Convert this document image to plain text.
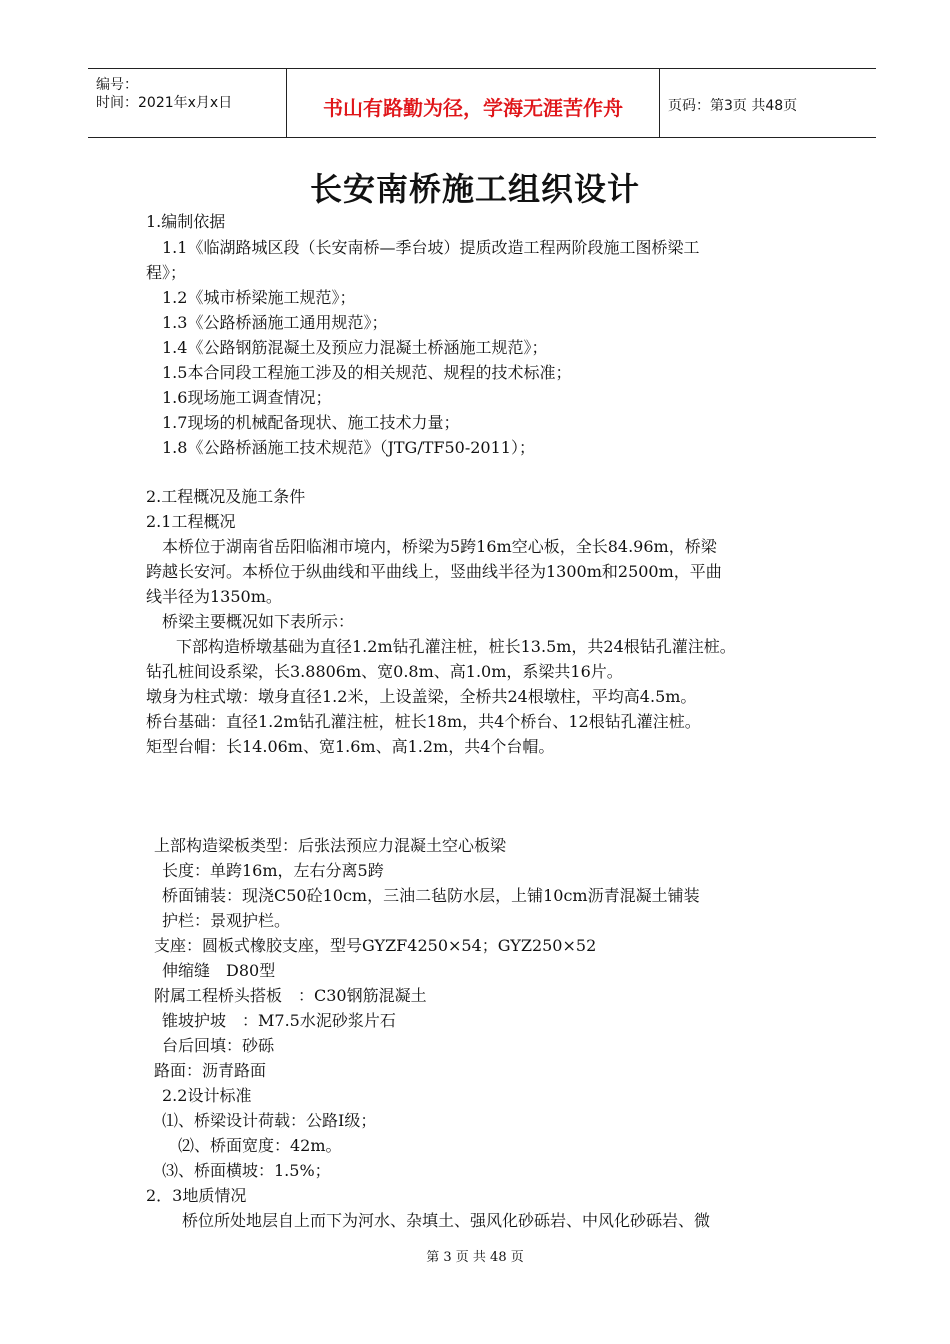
编号：
时间：2021年x月x日	书山有路勤为径，学海无涯苦作舟	页码：第3页 共48页
长安南桥施工组织设计
1.编制依据
1.1《临湖路城区段（长安南桥—季台坡）提质改造工程两阶段施工图桥梁工
程》；
1.2《城市桥梁施工规范》；
1.3《公路桥涵施工通用规范》；
1.4《公路钢筋混凝土及预应力混凝土桥涵施工规范》；
1.5本合同段工程施工涉及的相关规范、规程的技术标准；
1.6现场施工调查情况；
1.7现场的机械配备现状、施工技术力量；
1.8《公路桥涵施工技术规范》（JTG/TF50-2011）；
2.工程概况及施工条件
2.1工程概况
本桥位于湖南省岳阳临湘市境内，桥梁为5跨16m空心板，全长84.96m，桥梁
跨越长安河。本桥位于纵曲线和平曲线上，竖曲线半径为1300m和2500m，平曲
线半径为1350m。
桥梁主要概况如下表所示：
下部构造桥墩基础为直径1.2m钻孔灌注桩，桩长13.5m，共24根钻孔灌注桩。
钻孔桩间设系梁，长3.8806m、宽0.8m、高1.0m，系梁共16片。
墩身为柱式墩：墩身直径1.2米，上设盖梁，全桥共24根墩柱，平均高4.5m。
桥台基础：直径1.2m钻孔灌注桩，桩长18m，共4个桥台、12根钻孔灌注桩。
矩型台帽：长14.06m、宽1.6m、高1.2m，共4个台帽。
上部构造梁板类型：后张法预应力混凝土空心板梁
长度：单跨16m，左右分离5跨
桥面铺装：现浇C50砼10cm，三油二毡防水层，上铺10cm沥青混凝土铺装
护栏：景观护栏。
支座：圆板式橡胶支座，型号GYZF4250×54；GYZ250×52
伸缩缝　D80型
附属工程桥头搭板　：C30钢筋混凝土
锥坡护坡　：M7.5水泥砂浆片石
台后回填：砂砾
路面：沥青路面
2.2设计标准
⑴、桥梁设计荷载：公路Ⅰ级；
⑵、桥面宽度：42m。
⑶、桥面横坡：1.5%；
2．3地质情况
桥位所处地层自上而下为河水、杂填土、强风化砂砾岩、中风化砂砾岩、微
第 3 页 共 48 页
